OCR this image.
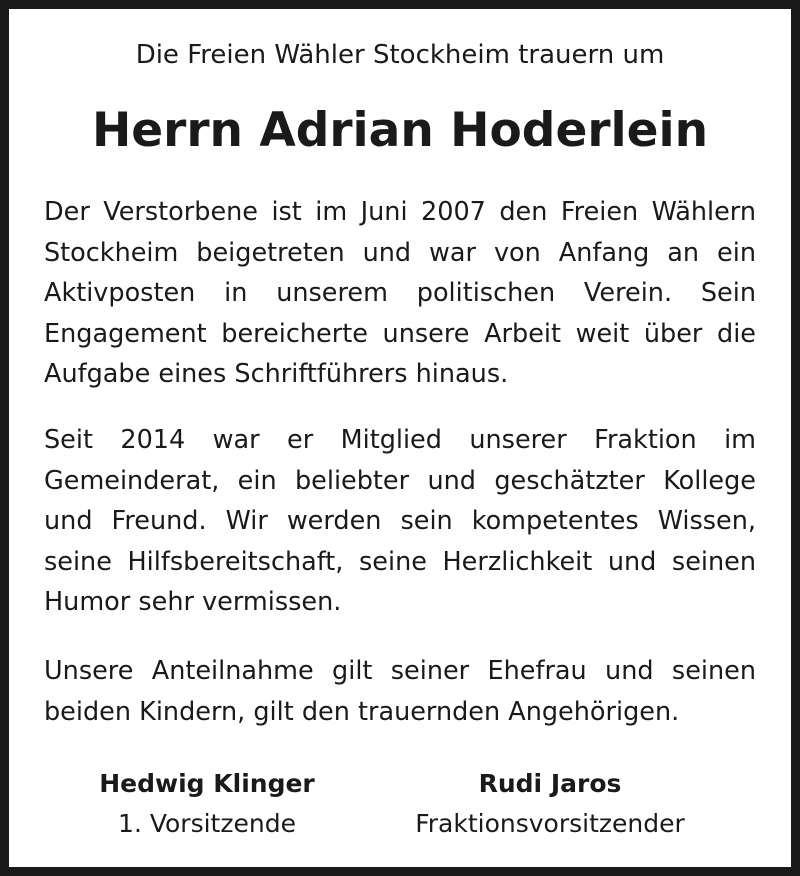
Die Freien Wähler Stockheim trauern um
Herrn Adrian Hoderlein

Der Verstorbene ist im Juni 2007 den Freien Wählern Stockheim beigetreten und war von Anfang an ein Aktivposten in unserem politischen Verein. Sein Engagement bereicherte unsere Arbeit weit über die Aufgabe eines Schriftführers hinaus.

Seit 2014 war er Mitglied unserer Fraktion im Gemeinderat, ein beliebter und geschätzter Kollege und Freund. Wir werden sein kompetentes Wissen, seine Hilfsbereitschaft, seine Herzlichkeit und seinen Humor sehr vermissen.

Unsere Anteilnahme gilt seiner Ehefrau und seinen beiden Kindern, gilt den trauernden Angehörigen.

Hedwig Klinger
1. Vorsitzende
Rudi Jaros
Fraktionsvorsitzender
